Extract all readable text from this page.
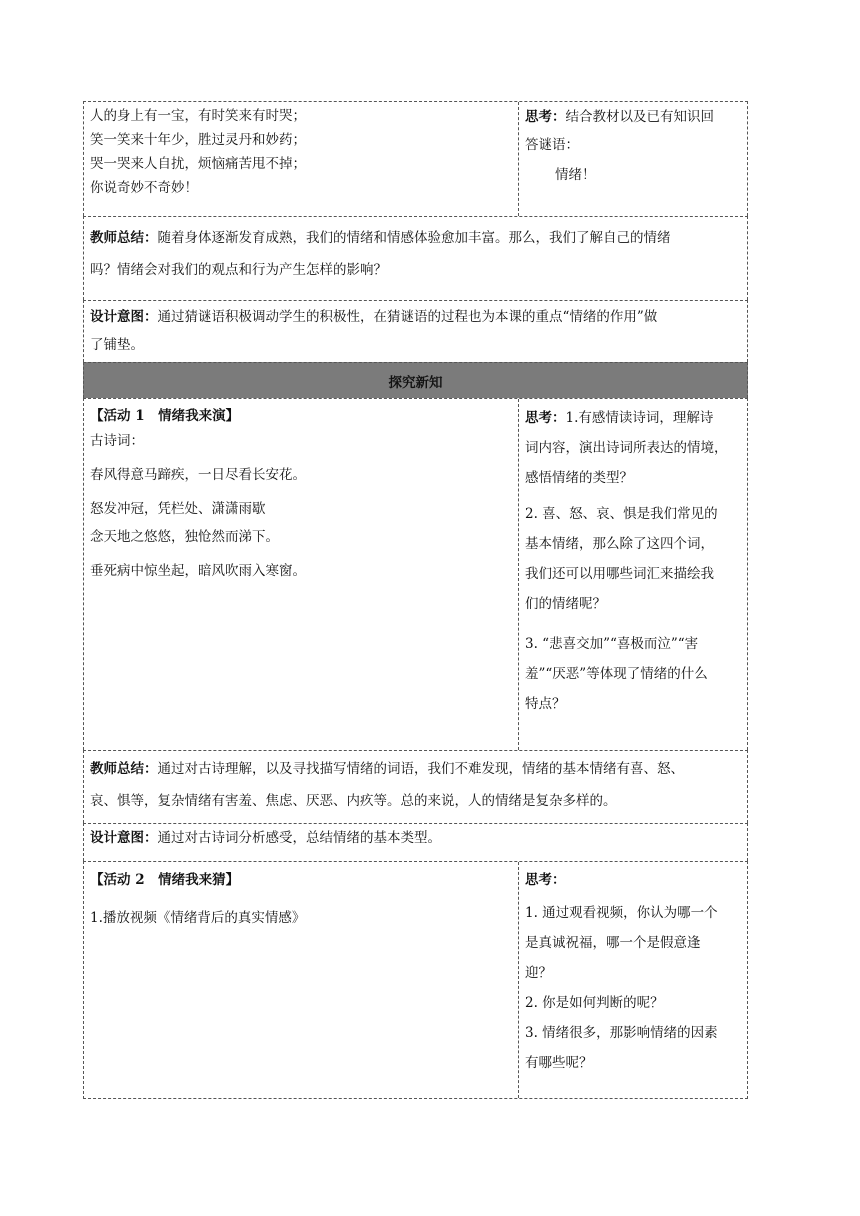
人的身上有一宝，有时笑来有时哭；
笑一笑来十年少，胜过灵丹和妙药；
哭一哭来人自扰，烦恼痛苦甩不掉；
你说奇妙不奇妙！
思考：结合教材以及已有知识回
答谜语：
情绪！
教师总结：随着身体逐渐发育成熟，我们的情绪和情感体验愈加丰富。那么，我们了解自己的情绪
吗？情绪会对我们的观点和行为产生怎样的影响？
设计意图：通过猜谜语积极调动学生的积极性，在猜谜语的过程也为本课的重点“情绪的作用”做
了铺垫。
探究新知
【活动 1　情绪我来演】
古诗词：
春风得意马蹄疾，一日尽看长安花。
怒发冲冠，凭栏处、潇潇雨歇
念天地之悠悠，独怆然而涕下。
垂死病中惊坐起，暗风吹雨入寒窗。
思考：1.有感情读诗词，理解诗
词内容，演出诗词所表达的情境，
感悟情绪的类型？
2. 喜、怒、哀、惧是我们常见的
基本情绪，那么除了这四个词，
我们还可以用哪些词汇来描绘我
们的情绪呢？
3. “悲喜交加”“喜极而泣”“害
羞”“厌恶”等体现了情绪的什么
特点？
教师总结：通过对古诗理解，以及寻找描写情绪的词语，我们不难发现，情绪的基本情绪有喜、怒、
哀、惧等，复杂情绪有害羞、焦虑、厌恶、内疚等。总的来说，人的情绪是复杂多样的。
设计意图：通过对古诗词分析感受，总结情绪的基本类型。
【活动 2　情绪我来猜】
1.播放视频《情绪背后的真实情感》
思考：
1. 通过观看视频，你认为哪一个
是真诚祝福，哪一个是假意逢
迎？
2. 你是如何判断的呢？
3. 情绪很多，那影响情绪的因素
有哪些呢？
